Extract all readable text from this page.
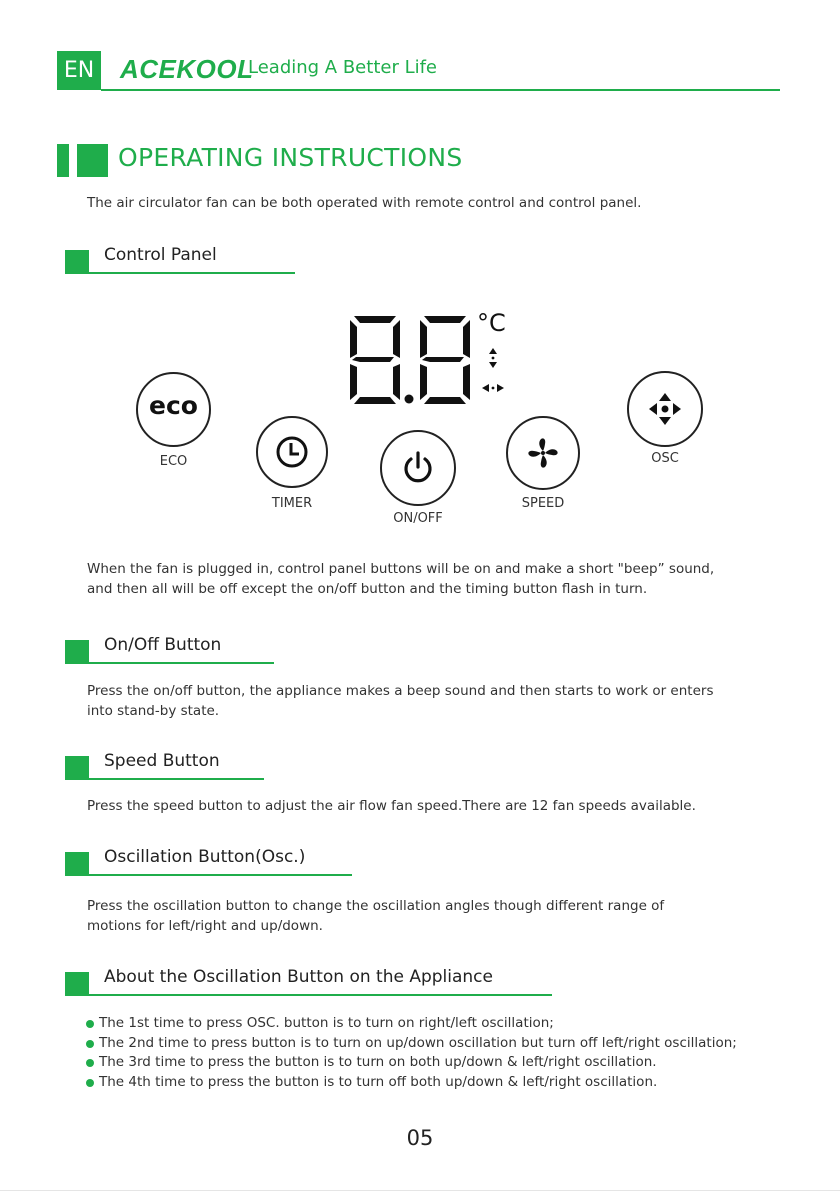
EN ACEKOOL
Leading A Better Life
OPERATING INSTRUCTIONS
The air circulator fan can be both operated with remote control and control panel.
Control Panel
°C
eco
ECO
TIMER
ON/OFF
SPEED
OSC
When the fan is plugged in, control panel buttons will be on and make a short "beep” sound,
and then all will be off except the on/off button and the timing button flash in turn.
On/Off Button
Press the on/off button, the appliance makes a beep sound and then starts to work or enters
into stand-by state.
Speed Button
Press the speed button to adjust the air flow fan speed.There are 12 fan speeds available.
Oscillation Button(Osc.)
Press the oscillation button to change the oscillation angles though different range of
motions for left/right and up/down.
About the Oscillation Button on the Appliance
The 1st time to press OSC. button is to turn on right/left oscillation;
The 2nd time to press button is to turn on up/down oscillation but turn off left/right oscillation;
The 3rd time to press the button is to turn on both up/down & left/right oscillation.
The 4th time to press the button is to turn off both up/down & left/right oscillation.
05
